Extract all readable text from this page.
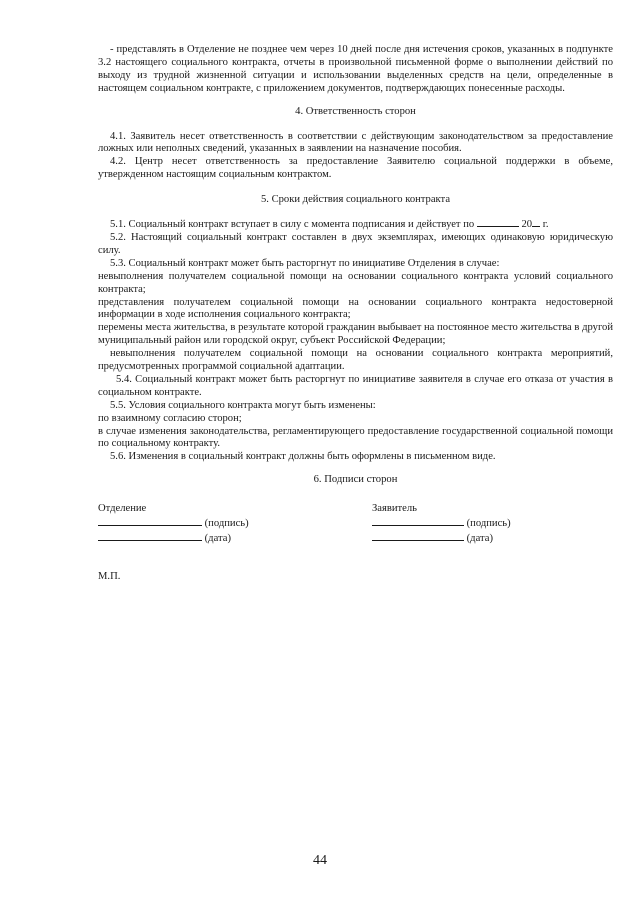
- представлять в Отделение не позднее чем через 10 дней после дня истечения сроков, указанных в подпункте 3.2 настоящего социального контракта, отчеты в произвольной письменной форме о выполнении действий по выходу из трудной жизненной ситуации и использовании выделенных средств на цели, определенные в настоящем социальном контракте, с приложением документов, подтверждающих понесенные расходы.

4. Ответственность сторон

4.1. Заявитель несет ответственность в соответствии с действующим законодательством за предоставление ложных или неполных сведений, указанных в заявлении на назначение пособия.

4.2. Центр несет ответственность за предоставление Заявителю социальной поддержки в объеме, утвержденном настоящим социальным контрактом.

5. Сроки действия социального контракта

5.1. Социальный контракт вступает в силу с момента подписания и действует по	20 г.

5.2. Настоящий социальный контракт составлен в двух экземплярах, имеющих одинаковую юридическую силу.

5.3. Социальный контракт может быть расторгнут по инициативе Отделения в случае:

невыполнения получателем социальной помощи на основании социального контракта условий социального контракта;

представления получателем социальной помощи на основании социального контракта недостоверной информации в ходе исполнения социального контракта;

перемены места жительства, в результате которой гражданин выбывает на постоянное место жительства в другой муниципальный район или городской округ, субъект Российской Федерации;

невыполнения получателем социальной помощи на основании социального контракта мероприятий, предусмотренных программой социальной адаптации.

5.4. Социальный контракт может быть расторгнут по инициативе заявителя в случае его отказа от участия в социальном контракте.

5.5. Условия социального контракта могут быть изменены:

по взаимному согласию сторон;

в случае изменения законодательства, регламентирующего предоставление государственной социальной помощи по социальному контракту.

5.6. Изменения в социальный контракт должны быть оформлены в письменном виде.

6. Подписи сторон

Отделение
(подпись)
(дата)
Заявитель
(подпись)
(дата)

М.П.

44
